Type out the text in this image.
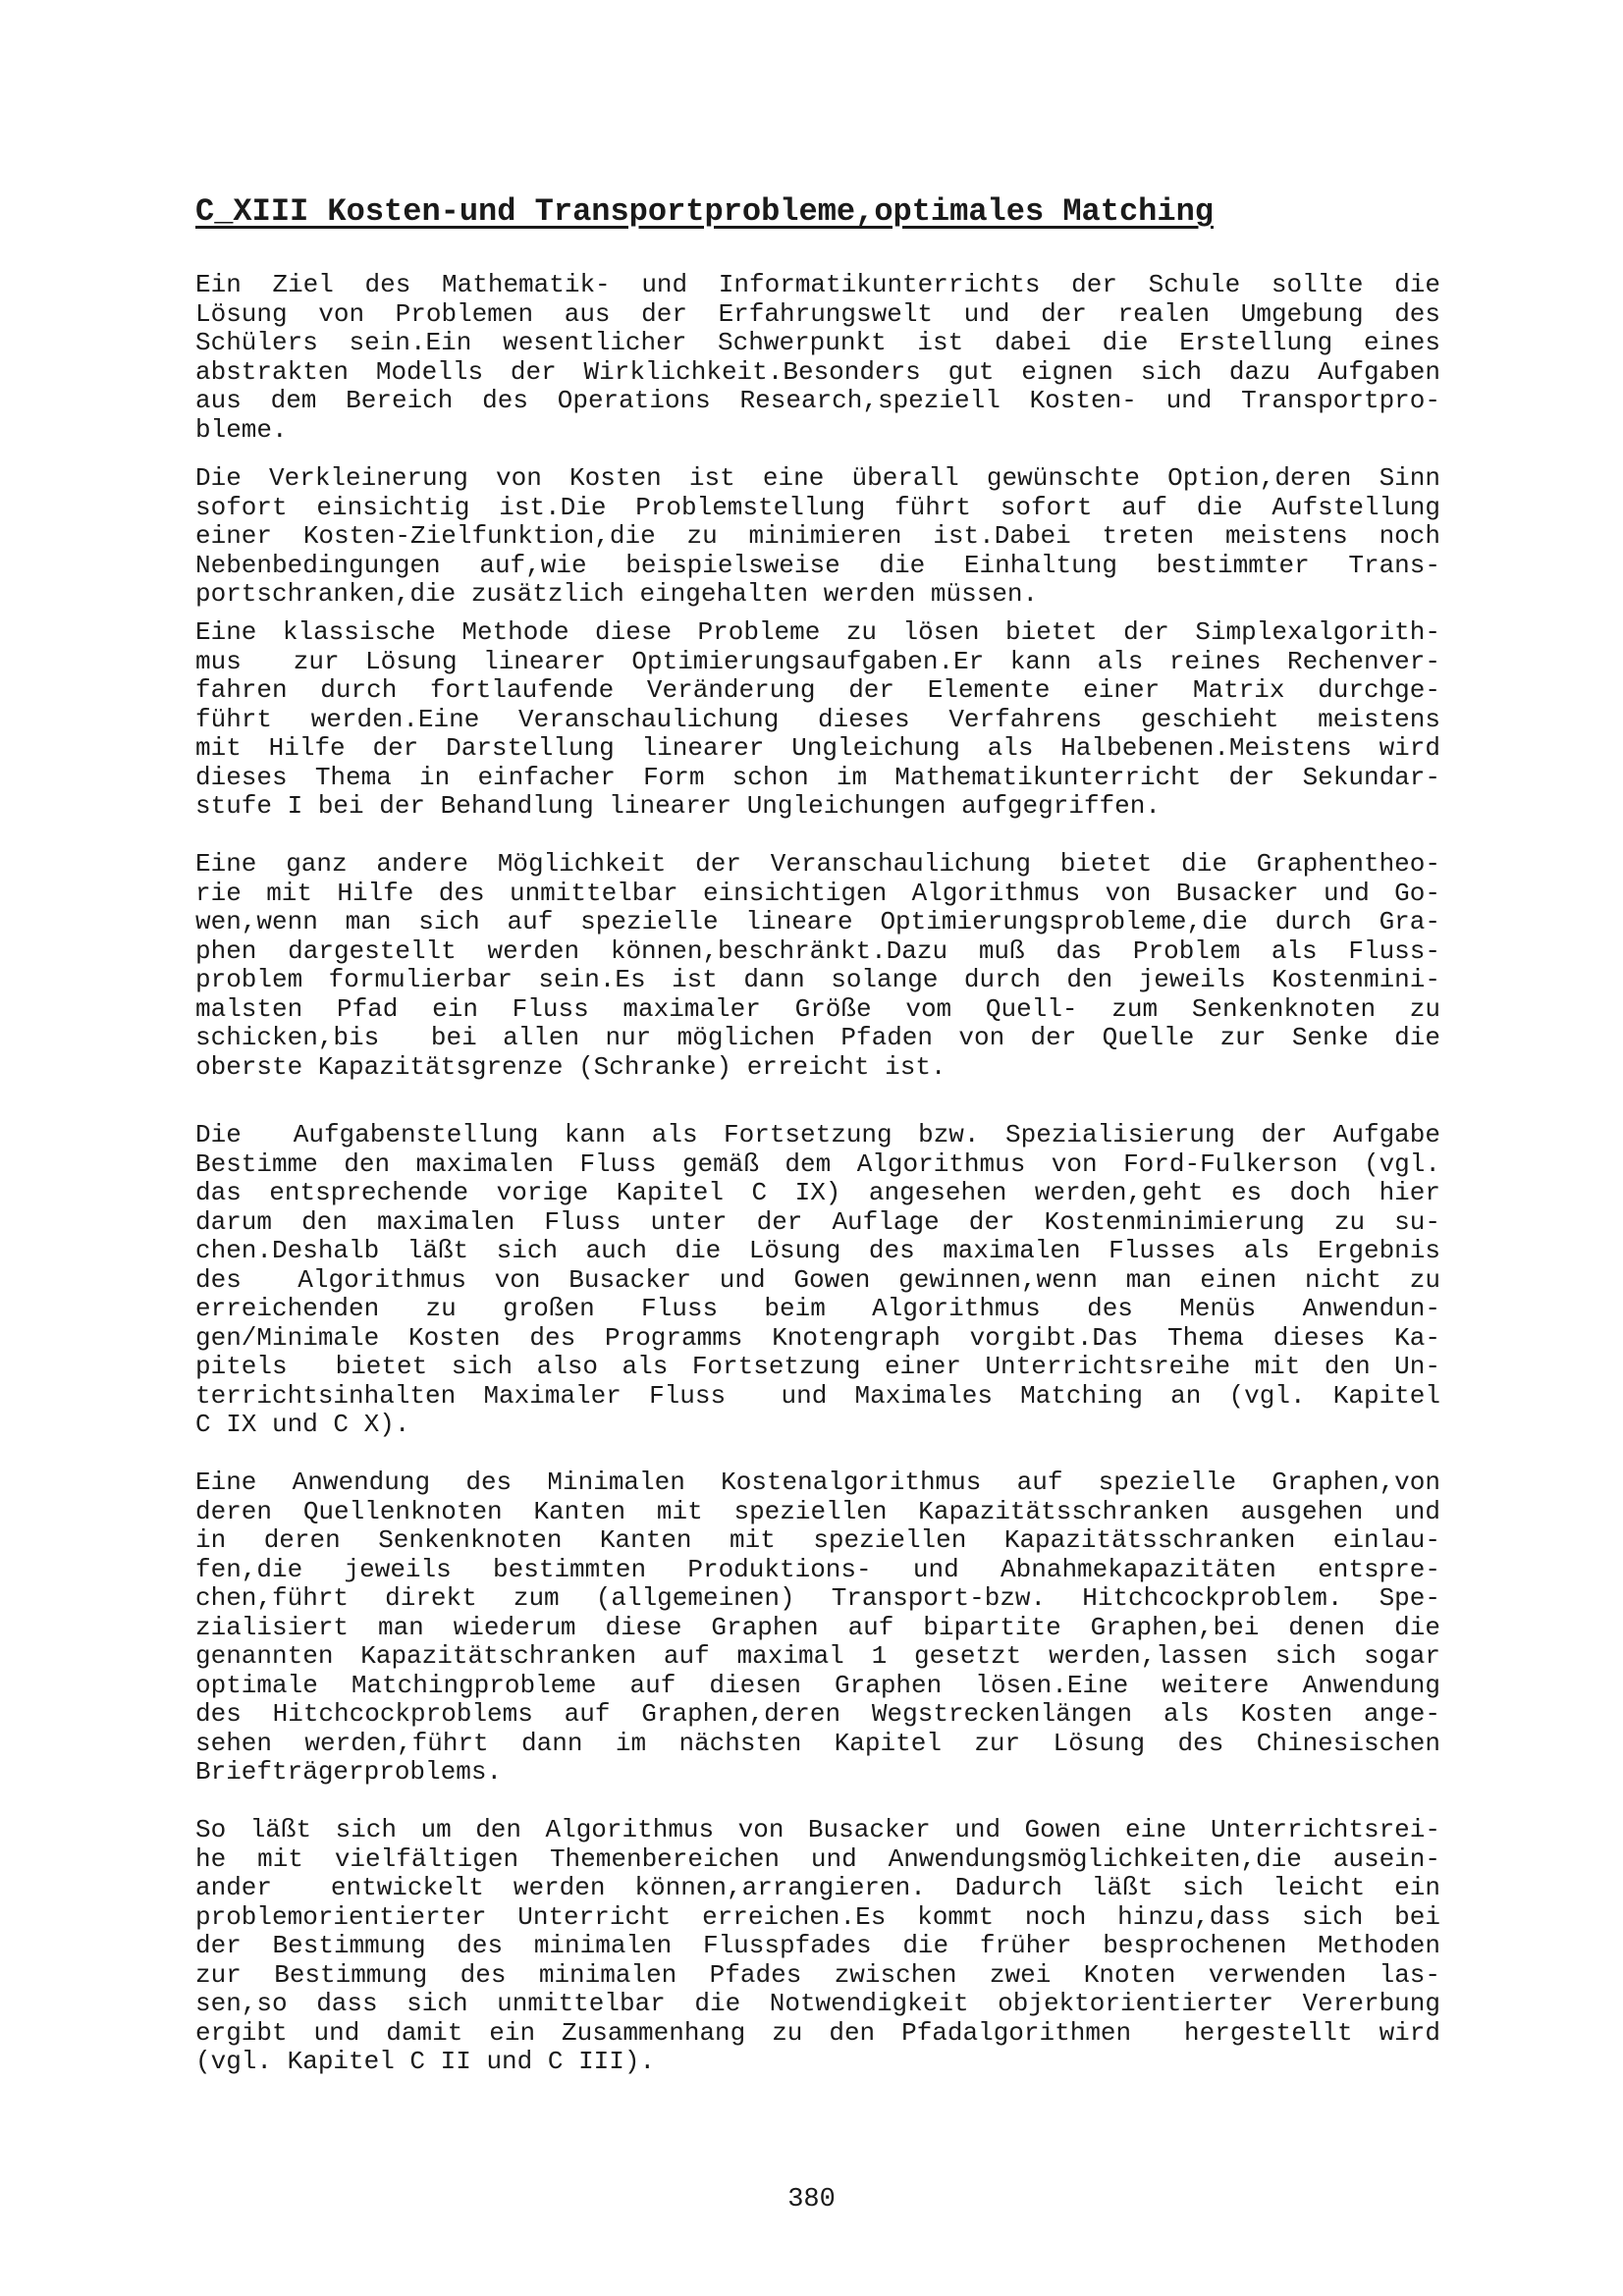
C_XIII Kosten-und Transportprobleme,optimales Matching
Ein Ziel des Mathematik- und Informatikunterrichts der Schule sollte die
Lösung von Problemen aus der Erfahrungswelt und der realen Umgebung des
Schülers sein.Ein wesentlicher Schwerpunkt ist dabei die Erstellung eines
abstrakten Modells der Wirklichkeit.Besonders gut eignen sich dazu Aufgaben
aus dem Bereich des Operations Research,speziell Kosten- und Transportpro-
bleme.
Die Verkleinerung von Kosten ist eine überall gewünschte Option,deren Sinn
sofort einsichtig ist.Die Problemstellung führt sofort auf die Aufstellung
einer Kosten-Zielfunktion,die zu minimieren ist.Dabei treten meistens noch
Nebenbedingungen auf,wie beispielsweise die Einhaltung bestimmter Trans-
portschranken,die zusätzlich eingehalten werden müssen.
Eine klassische Methode diese Probleme zu lösen bietet der Simplexalgorith-
mus  zur Lösung linearer Optimierungsaufgaben.Er kann als reines Rechenver-
fahren durch fortlaufende Veränderung der Elemente einer Matrix durchge-
führt werden.Eine Veranschaulichung dieses Verfahrens geschieht meistens
mit Hilfe der Darstellung linearer Ungleichung als Halbebenen.Meistens wird
dieses Thema in einfacher Form schon im Mathematikunterricht der Sekundar-
stufe I bei der Behandlung linearer Ungleichungen aufgegriffen.
Eine ganz andere Möglichkeit der Veranschaulichung bietet die Graphentheo-
rie mit Hilfe des unmittelbar einsichtigen Algorithmus von Busacker und Go-
wen,wenn man sich auf spezielle lineare Optimierungsprobleme,die durch Gra-
phen dargestellt werden können,beschränkt.Dazu muß das Problem als Fluss-
problem formulierbar sein.Es ist dann solange durch den jeweils Kostenmini-
malsten Pfad ein Fluss maximaler Größe vom Quell- zum Senkenknoten zu
schicken,bis  bei allen nur möglichen Pfaden von der Quelle zur Senke die
oberste Kapazitätsgrenze (Schranke) erreicht ist.
Die  Aufgabenstellung kann als Fortsetzung bzw. Spezialisierung der Aufgabe
Bestimme den maximalen Fluss gemäß dem Algorithmus von Ford-Fulkerson (vgl.
das entsprechende vorige Kapitel C IX) angesehen werden,geht es doch hier
darum den maximalen Fluss unter der Auflage der Kostenminimierung zu su-
chen.Deshalb läßt sich auch die Lösung des maximalen Flusses als Ergebnis
des  Algorithmus von Busacker und Gowen gewinnen,wenn man einen nicht zu
erreichenden zu großen Fluss beim Algorithmus des Menüs Anwendun-
gen/Minimale Kosten des Programms Knotengraph vorgibt.Das Thema dieses Ka-
pitels  bietet sich also als Fortsetzung einer Unterrichtsreihe mit den Un-
terrichtsinhalten Maximaler Fluss  und Maximales Matching an (vgl. Kapitel
C IX und C X).
Eine Anwendung des Minimalen Kostenalgorithmus auf spezielle Graphen,von
deren Quellenknoten Kanten mit speziellen Kapazitätsschranken ausgehen und
in deren Senkenknoten Kanten mit speziellen Kapazitätsschranken einlau-
fen,die jeweils bestimmten Produktions- und Abnahmekapazitäten entspre-
chen,führt direkt zum (allgemeinen) Transport-bzw. Hitchcockproblem. Spe-
zialisiert man wiederum diese Graphen auf bipartite Graphen,bei denen die
genannten Kapazitätschranken auf maximal 1 gesetzt werden,lassen sich sogar
optimale Matchingprobleme auf diesen Graphen lösen.Eine weitere Anwendung
des Hitchcockproblems auf Graphen,deren Wegstreckenlängen als Kosten ange-
sehen werden,führt dann im nächsten Kapitel zur Lösung des Chinesischen
Briefträgerproblems.
So läßt sich um den Algorithmus von Busacker und Gowen eine Unterrichtsrei-
he mit vielfältigen Themenbereichen und Anwendungsmöglichkeiten,die ausein-
ander  entwickelt werden können,arrangieren. Dadurch läßt sich leicht ein
problemorientierter Unterricht erreichen.Es kommt noch hinzu,dass sich bei
der Bestimmung des minimalen Flusspfades die früher besprochenen Methoden
zur Bestimmung des minimalen Pfades zwischen zwei Knoten verwenden las-
sen,so dass sich unmittelbar die Notwendigkeit objektorientierter Vererbung
ergibt und damit ein Zusammenhang zu den Pfadalgorithmen  hergestellt wird
(vgl. Kapitel C II und C III).
380
